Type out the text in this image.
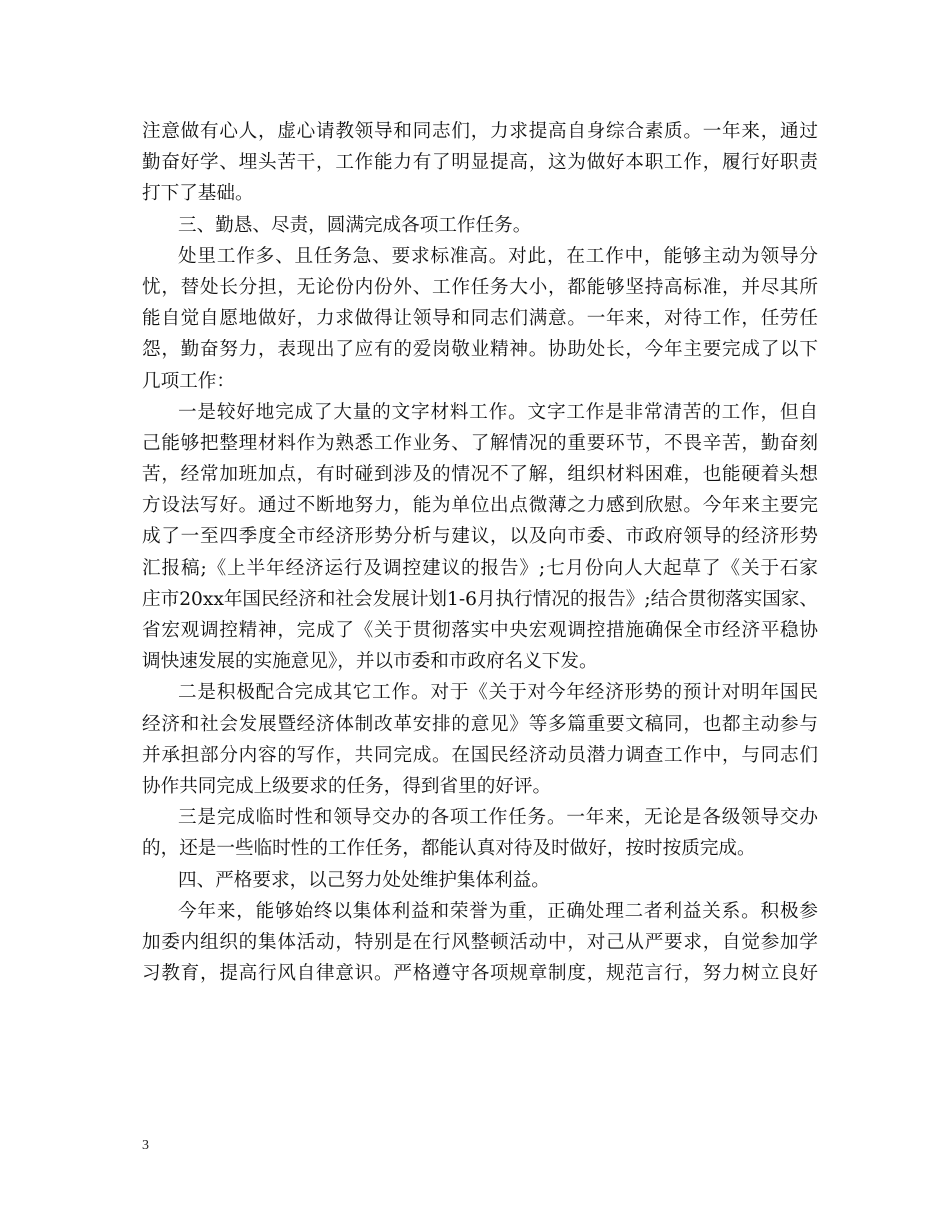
注意做有心人，虚心请教领导和同志们，力求提高自身综合素质。一年来，通过
勤奋好学、埋头苦干，工作能力有了明显提高，这为做好本职工作，履行好职责
打下了基础。
三、勤恳、尽责，圆满完成各项工作任务。
处里工作多、且任务急、要求标准高。对此，在工作中，能够主动为领导分
忧，替处长分担，无论份内份外、工作任务大小，都能够坚持高标准，并尽其所
能自觉自愿地做好，力求做得让领导和同志们满意。一年来，对待工作，任劳任
怨，勤奋努力，表现出了应有的爱岗敬业精神。协助处长，今年主要完成了以下
几项工作：
一是较好地完成了大量的文字材料工作。文字工作是非常清苦的工作，但自
己能够把整理材料作为熟悉工作业务、了解情况的重要环节，不畏辛苦，勤奋刻
苦，经常加班加点，有时碰到涉及的情况不了解，组织材料困难，也能硬着头想
方设法写好。通过不断地努力，能为单位出点微薄之力感到欣慰。今年来主要完
成了一至四季度全市经济形势分析与建议，以及向市委、市政府领导的经济形势
汇报稿;《上半年经济运行及调控建议的报告》;七月份向人大起草了《关于石家
庄市20xx年国民经济和社会发展计划1-6月执行情况的报告》;结合贯彻落实国家、
省宏观调控精神，完成了《关于贯彻落实中央宏观调控措施确保全市经济平稳协
调快速发展的实施意见》，并以市委和市政府名义下发。
二是积极配合完成其它工作。对于《关于对今年经济形势的预计对明年国民
经济和社会发展暨经济体制改革安排的意见》等多篇重要文稿同，也都主动参与
并承担部分内容的写作，共同完成。在国民经济动员潜力调查工作中，与同志们
协作共同完成上级要求的任务，得到省里的好评。
三是完成临时性和领导交办的各项工作任务。一年来，无论是各级领导交办
的，还是一些临时性的工作任务，都能认真对待及时做好，按时按质完成。
四、严格要求，以己努力处处维护集体利益。
今年来，能够始终以集体利益和荣誉为重，正确处理二者利益关系。积极参
加委内组织的集体活动，特别是在行风整顿活动中，对己从严要求，自觉参加学
习教育，提高行风自律意识。严格遵守各项规章制度，规范言行，努力树立良好
3
